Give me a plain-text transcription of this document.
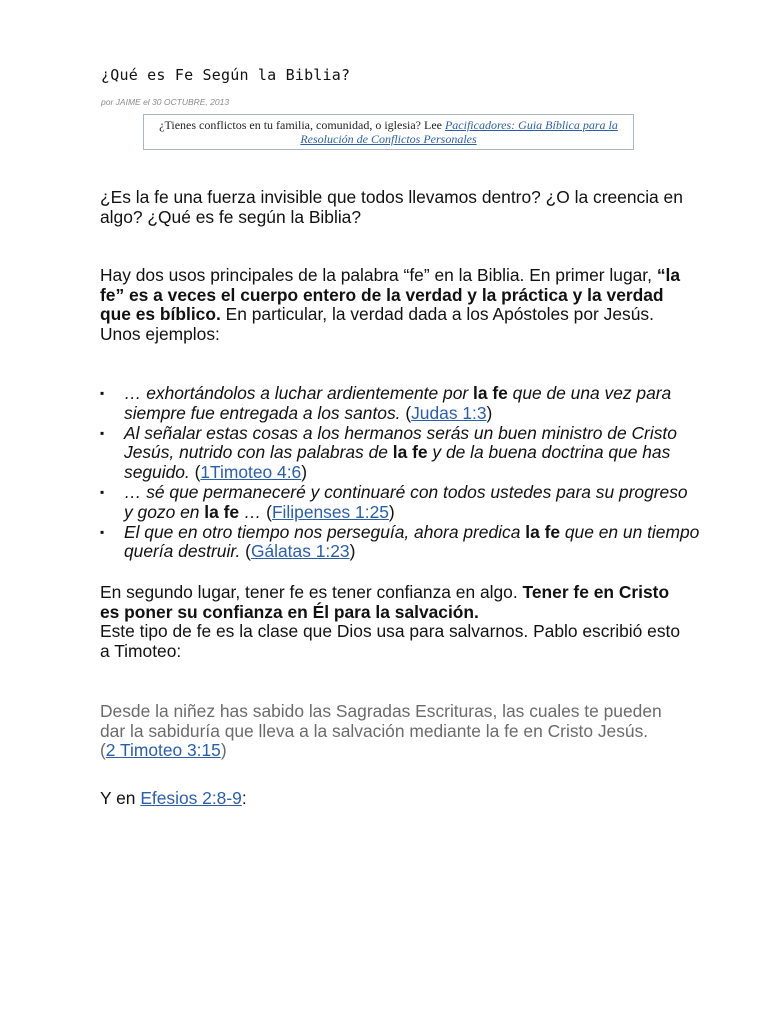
¿Qué es Fe Según la Biblia?
por JAIME el 30 OCTUBRE, 2013
¿Tienes conflictos en tu familia, comunidad, o iglesia? Lee Pacificadores: Guia Bíblica para la Resolución de Conflictos Personales
¿Es la fe una fuerza invisible que todos llevamos dentro? ¿O la creencia en algo? ¿Qué es fe según la Biblia?
Hay dos usos principales de la palabra “fe” en la Biblia. En primer lugar, “la fe” es a veces el cuerpo entero de la verdad y la práctica y la verdad que es bíblico. En particular, la verdad dada a los Apóstoles por Jesús. Unos ejemplos:
▪ … exhortándolos a luchar ardientemente por la fe que de una vez para siempre fue entregada a los santos. (Judas 1:3)
▪ Al señalar estas cosas a los hermanos serás un buen ministro de Cristo Jesús, nutrido con las palabras de la fe y de la buena doctrina que has seguido. (1Timoteo 4:6)
▪ … sé que permaneceré y continuaré con todos ustedes para su progreso y gozo en la fe … (Filipenses 1:25)
▪ El que en otro tiempo nos perseguía, ahora predica la fe que en un tiempo quería destruir. (Gálatas 1:23)
En segundo lugar, tener fe es tener confianza en algo. Tener fe en Cristo es poner su confianza en Él para la salvación.
Este tipo de fe es la clase que Dios usa para salvarnos. Pablo escribió esto a Timoteo:
Desde la niñez has sabido las Sagradas Escrituras, las cuales te pueden dar la sabiduría que lleva a la salvación mediante la fe en Cristo Jesús.
(2 Timoteo 3:15)
Y en Efesios 2:8-9:
